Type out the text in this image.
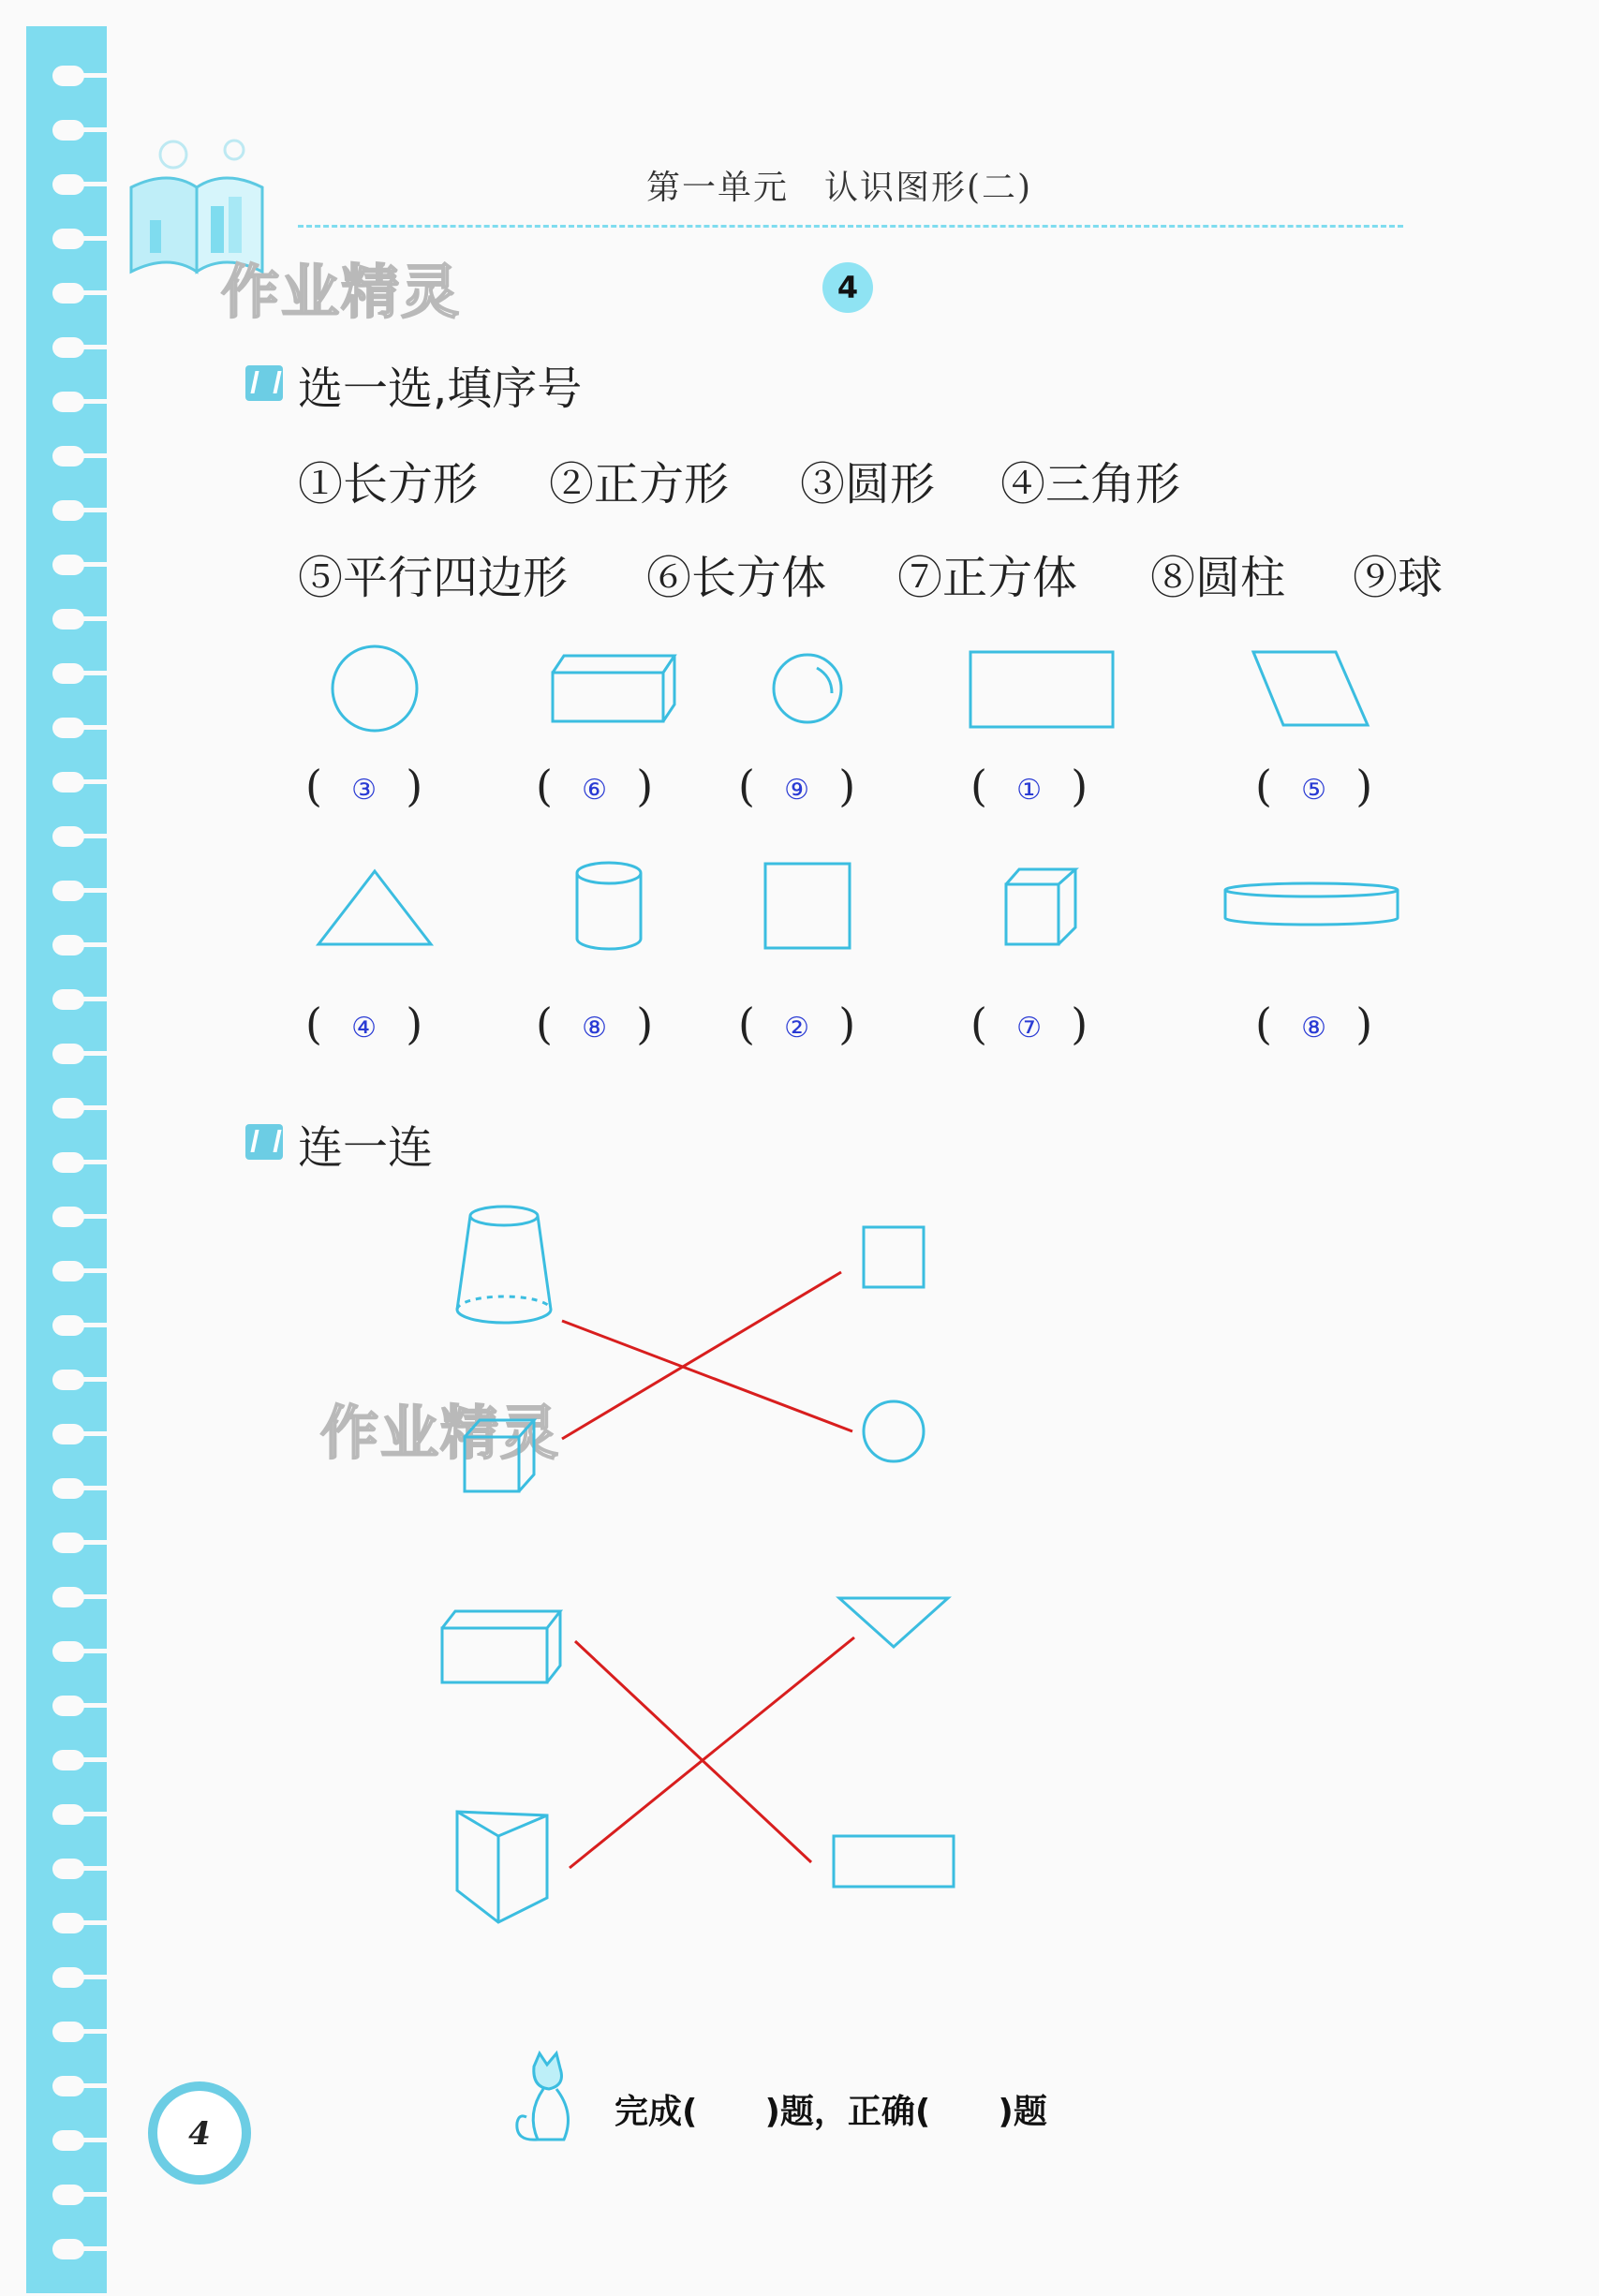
作业精灵
作业精灵
第一单元　认识图形(二)
4
选一选,填序号
①长方形 ②正方形 ③圆形 ④三角形
⑤平行四边形 ⑥长方体 ⑦正方体 ⑧圆柱 ⑨球
( ③ )	( ⑥ ) ( ⑨ )	( ① )	( ⑤ )
( ④ )	( ⑧ ) ( ② )	( ⑦ )	( ⑧ )
连一连
4
完成(　　)题，正确(　　)题
